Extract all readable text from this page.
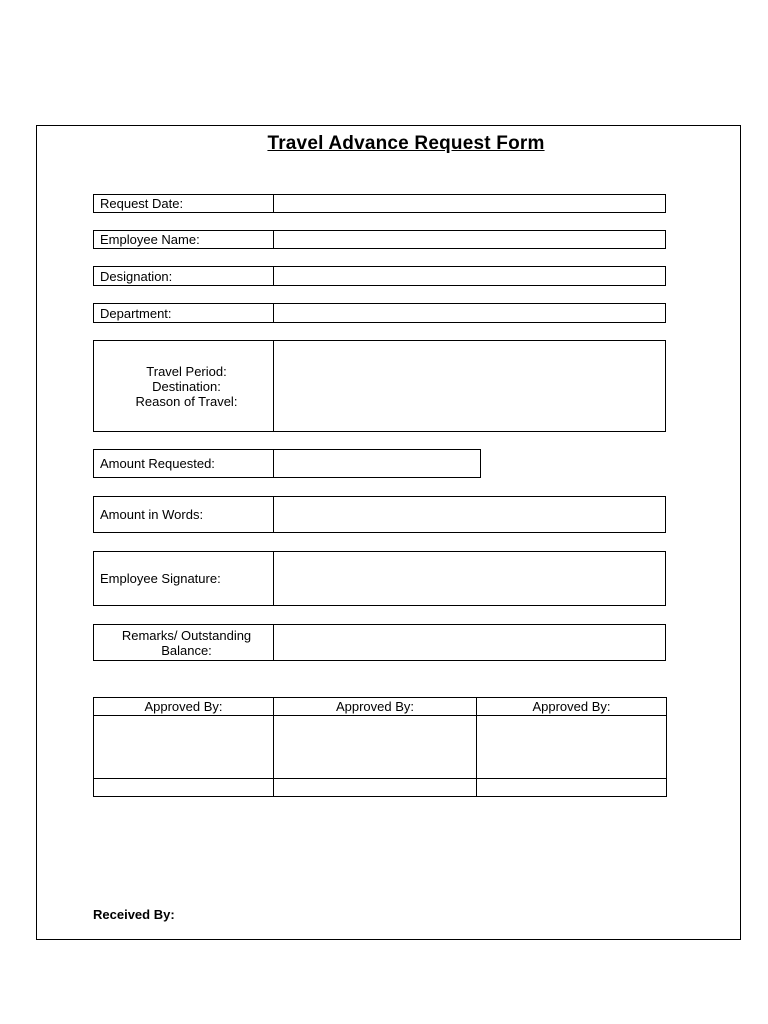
Travel Advance Request Form
Request Date:
Employee Name:
Designation:
Department:
Travel Period:
Destination:
Reason of Travel:
Amount Requested:
Amount in Words:
Employee Signature:
Remarks/ Outstanding
Balance:
Approved By:	Approved By:	Approved By:

Received By:
